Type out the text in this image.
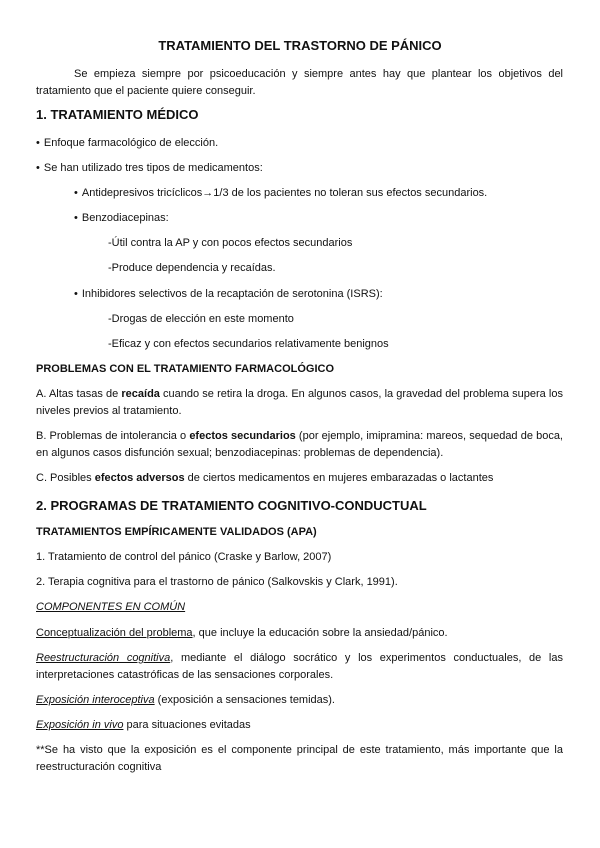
TRATAMIENTO DEL TRASTORNO DE PÁNICO
Se empieza siempre por psicoeducación y siempre antes hay que plantear los objetivos del tratamiento que el paciente quiere conseguir.
1. TRATAMIENTO MÉDICO
• Enfoque farmacológico de elección.
• Se han utilizado tres tipos de medicamentos:
• Antidepresivos tricíclicos→1/3 de los pacientes no toleran sus efectos secundarios.
• Benzodiacepinas:
-Útil contra la AP y con pocos efectos secundarios
-Produce dependencia y recaídas.
• Inhibidores selectivos de la recaptación de serotonina (ISRS):
-Drogas de elección en este momento
-Eficaz y con efectos secundarios relativamente benignos
PROBLEMAS CON EL TRATAMIENTO FARMACOLÓGICO
A. Altas tasas de recaída cuando se retira la droga. En algunos casos, la gravedad del problema supera los niveles previos al tratamiento.
B. Problemas de intolerancia o efectos secundarios (por ejemplo, imipramina: mareos, sequedad de boca, en algunos casos disfunción sexual; benzodiacepinas: problemas de dependencia).
C. Posibles efectos adversos de ciertos medicamentos en mujeres embarazadas o lactantes
2. PROGRAMAS DE TRATAMIENTO COGNITIVO-CONDUCTUAL
TRATAMIENTOS EMPÍRICAMENTE VALIDADOS (APA)
1. Tratamiento de control del pánico (Craske y Barlow, 2007)
2. Terapia cognitiva para el trastorno de pánico (Salkovskis y Clark, 1991).
COMPONENTES EN COMÚN
Conceptualización del problema, que incluye la educación sobre la ansiedad/pánico.
Reestructuración cognitiva, mediante el diálogo socrático y los experimentos conductuales, de las interpretaciones catastróficas de las sensaciones corporales.
Exposición interoceptiva (exposición a sensaciones temidas).
Exposición in vivo para situaciones evitadas
**Se ha visto que la exposición es el componente principal de este tratamiento, más importante que la reestructuración cognitiva
